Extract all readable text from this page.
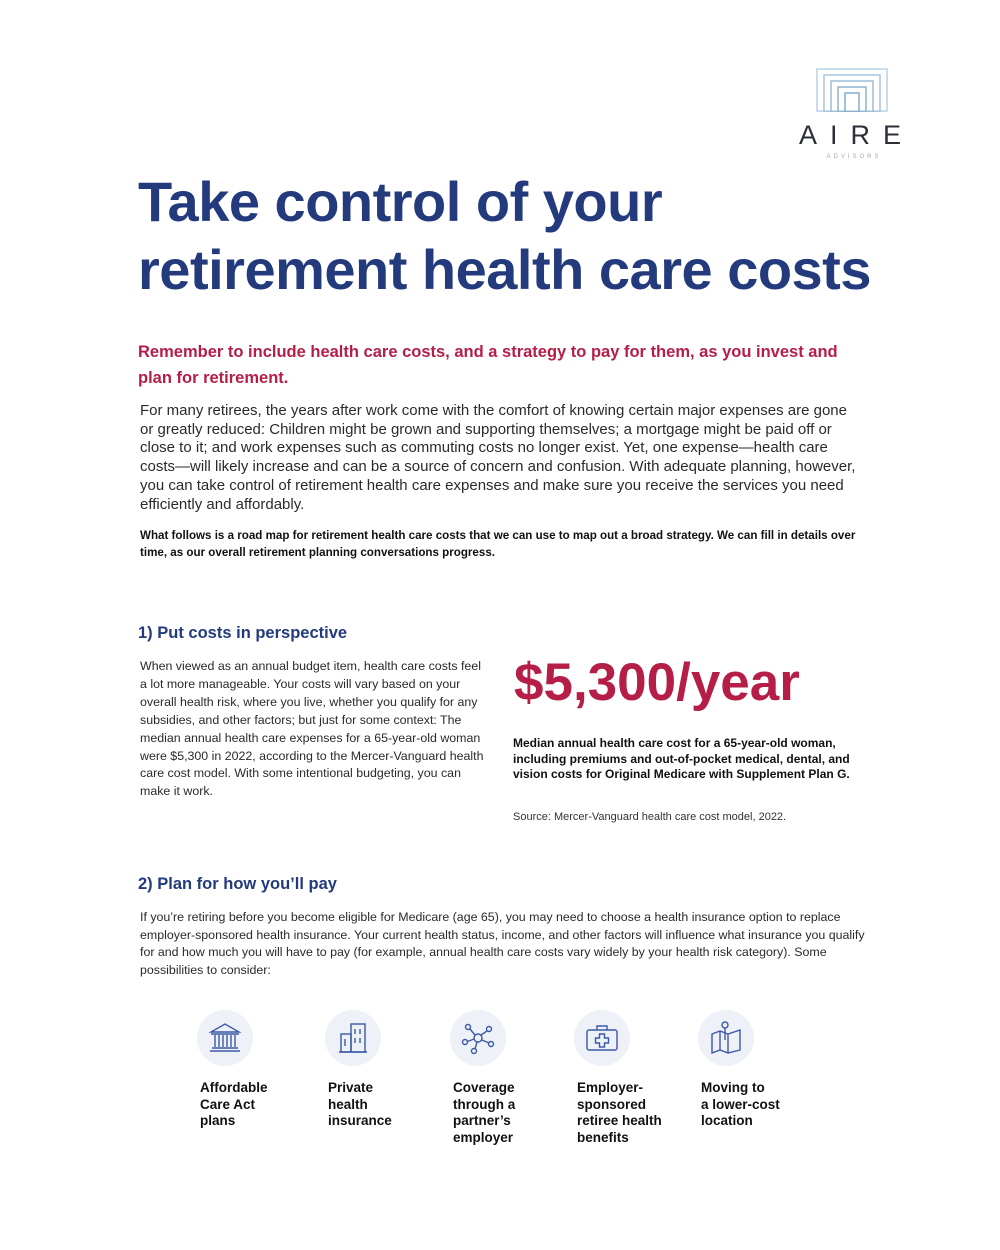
AIRE
ADVISORS
Take control of your retirement health care costs

Remember to include health care costs, and a strategy to pay for them, as you invest and plan for retirement.

For many retirees, the years after work come with the comfort of knowing certain major expenses are gone or greatly reduced: Children might be grown and supporting themselves; a mortgage might be paid off or close to it; and work expenses such as commuting costs no longer exist. Yet, one expense—health care costs—will likely increase and can be a source of concern and confusion. With adequate planning, however, you can take control of retirement health care expenses and make sure you receive the services you need efficiently and affordably.

What follows is a road map for retirement health care costs that we can use to map out a broad strategy. We can fill in details over time, as our overall retirement planning conversations progress.

1) Put costs in perspective

When viewed as an annual budget item, health care costs feel a lot more manageable. Your costs will vary based on your overall health risk, where you live, whether you qualify for any subsidies, and other factors; but just for some context: The median annual health care expenses for a 65-year-old woman were $5,300 in 2022, according to the Mercer-Vanguard health care cost model. With some intentional budgeting, you can make it work.

$5,300/year

Median annual health care cost for a 65-year-old woman, including premiums and out-of-pocket medical, dental, and vision costs for Original Medicare with Supplement Plan G.

Source: Mercer-Vanguard health care cost model, 2022.

2) Plan for how you’ll pay

If you’re retiring before you become eligible for Medicare (age 65), you may need to choose a health insurance option to replace employer-sponsored health insurance. Your current health status, income, and other factors will influence what insurance you qualify for and how much you will have to pay (for example, annual health care costs vary widely by your health risk category). Some possibilities to consider:

Affordable
Care Act
plans
Private
health
insurance
Coverage
through a
partner’s
employer
Employer-
sponsored
retiree health
benefits
Moving to
a lower-cost
location
